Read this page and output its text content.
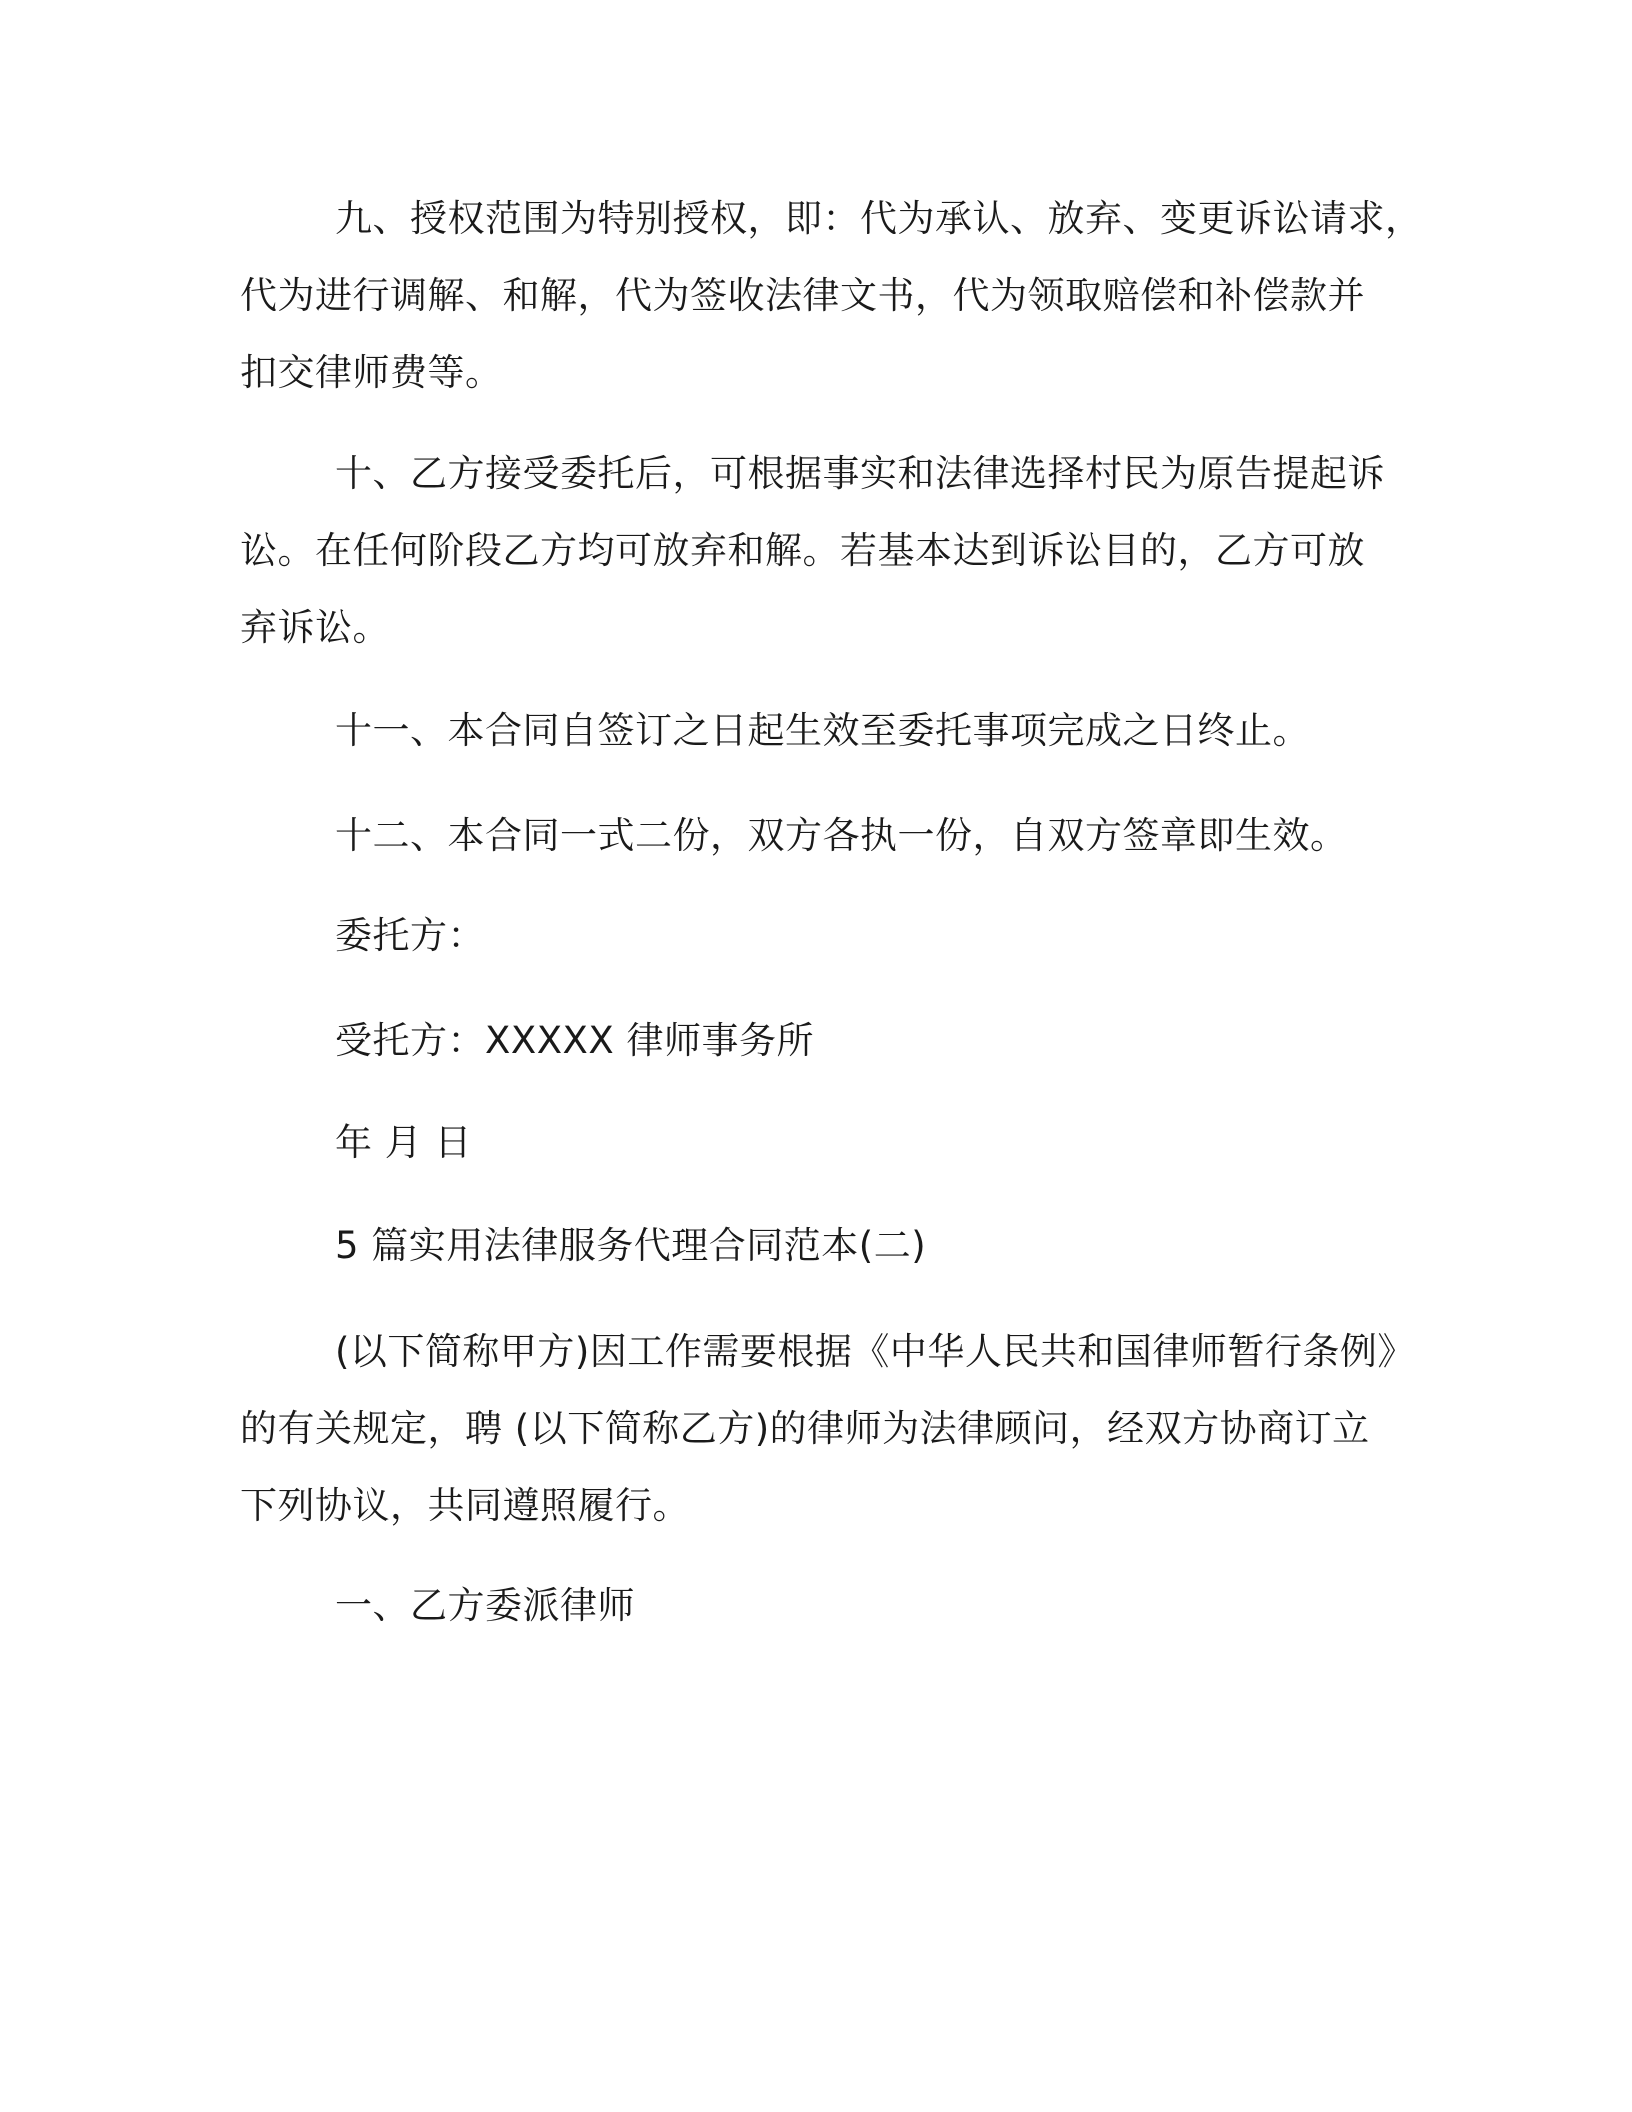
九、授权范围为特别授权，即：代为承认、放弃、变更诉讼请求，
代为进行调解、和解，代为签收法律文书，代为领取赔偿和补偿款并
扣交律师费等。

十、乙方接受委托后，可根据事实和法律选择村民为原告提起诉
讼。在任何阶段乙方均可放弃和解。若基本达到诉讼目的，乙方可放
弃诉讼。

十一、本合同自签订之日起生效至委托事项完成之日终止。

十二、本合同一式二份，双方各执一份，自双方签章即生效。

委托方：

受托方：XXXXX 律师事务所

年 月 日

5 篇实用法律服务代理合同范本(二)

(以下简称甲方)因工作需要根据《中华人民共和国律师暂行条例》
的有关规定，聘 (以下简称乙方)的律师为法律顾问，经双方协商订立
下列协议，共同遵照履行。

一、乙方委派律师
